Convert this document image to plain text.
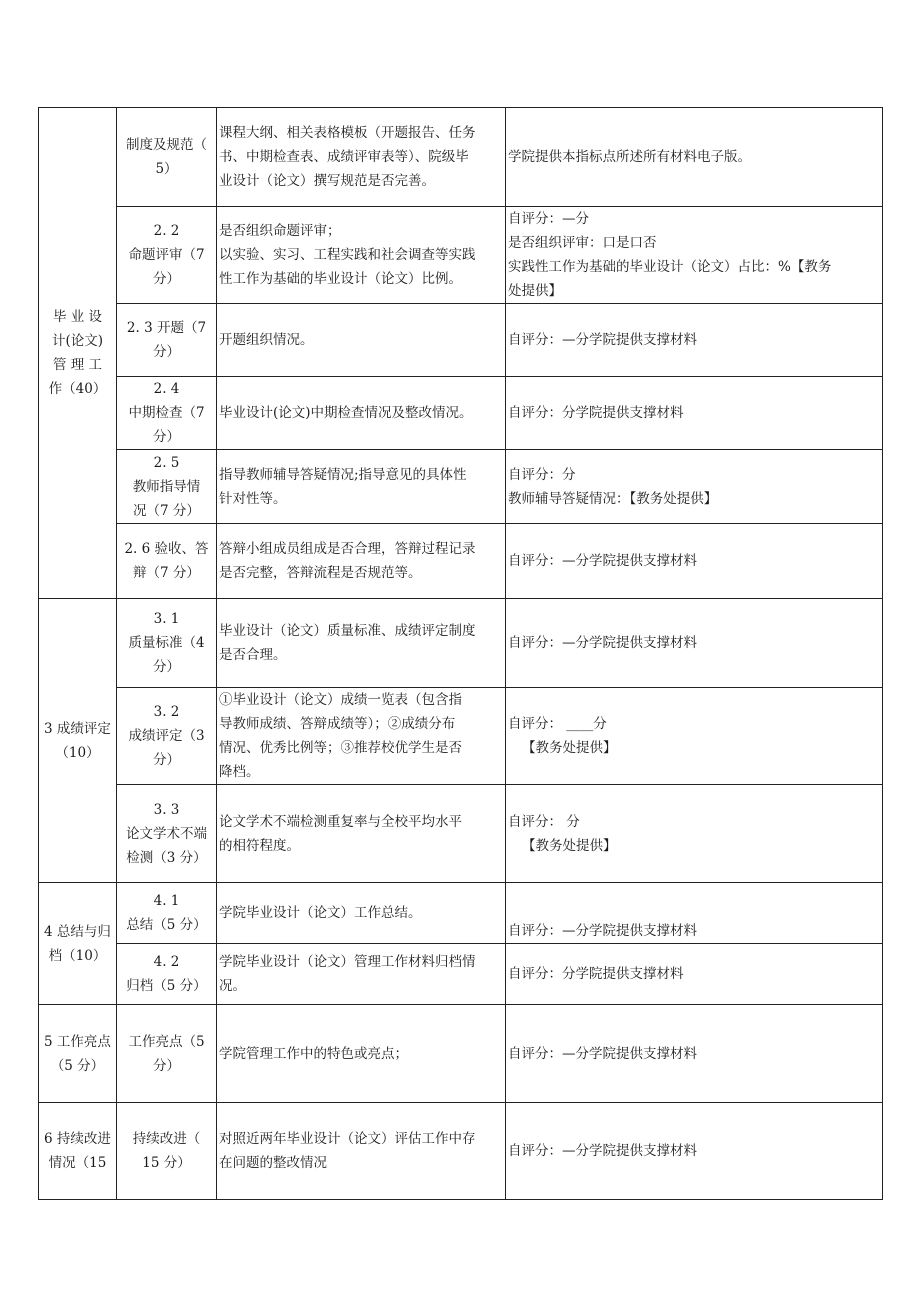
毕 业 设
计(论文)
管 理 工
作（40）	制度及规范（
5）	课程大纲、相关表格模板（开题报告、任务
书、中期检查表、成绩评审表等）、院级毕
业设计（论文）撰写规范是否完善。	学院提供本指标点所述所有材料电子版。

	2. 2
命题评审（7
分）	是否组织命题评审；
以实验、实习、工程实践和社会调查等实践
性工作为基础的毕业设计（论文）比例。	自评分：—分
是否组织评审：口是口否
实践性工作为基础的毕业设计（论文）占比：%【教务
处提供】

	2. 3 开题（7
分）	开题组织情况。	自评分：—分学院提供支撑材料

	2. 4
中期检查（7
分）	毕业设计(论文)中期检查情况及整改情况。	自评分：分学院提供支撑材料

	2. 5
教师指导情
况（7 分）	指导教师辅导答疑情况;指导意见的具体性
针对性等。	自评分：分
教师辅导答疑情况：【教务处提供】

	2. 6 验收、答
辩（7 分）	答辩小组成员组成是否合理，答辩过程记录
是否完整，答辩流程是否规范等。	自评分：—分学院提供支撑材料

3 成绩评定
（10）	3. 1
质量标准（4
分）	毕业设计（论文）质量标准、成绩评定制度
是否合理。	自评分：—分学院提供支撑材料

	3. 2
成绩评定（3
分）	①毕业设计（论文）成绩一览表（包含指
导教师成绩、答辩成绩等）；②成绩分布
情况、优秀比例等；③推荐校优学生是否
降档。	自评分： ____分
【教务处提供】

	3. 3
论文学术不端
检测（3 分）	论文学术不端检测重复率与全校平均水平
的相符程度。	自评分： 分
【教务处提供】

4 总结与归
档（10）	4. 1
总结（5 分）	学院毕业设计（论文）工作总结。	自评分：—分学院提供支撑材料

	4. 2
归档（5 分）	学院毕业设计（论文）管理工作材料归档情
况。	自评分：分学院提供支撑材料

5 工作亮点
（5 分）	工作亮点（5
分）	学院管理工作中的特色或亮点；	自评分：—分学院提供支撑材料

6 持续改进
情况（15	持续改进（
15 分）	对照近两年毕业设计（论文）评估工作中存
在问题的整改情况	自评分：—分学院提供支撑材料
